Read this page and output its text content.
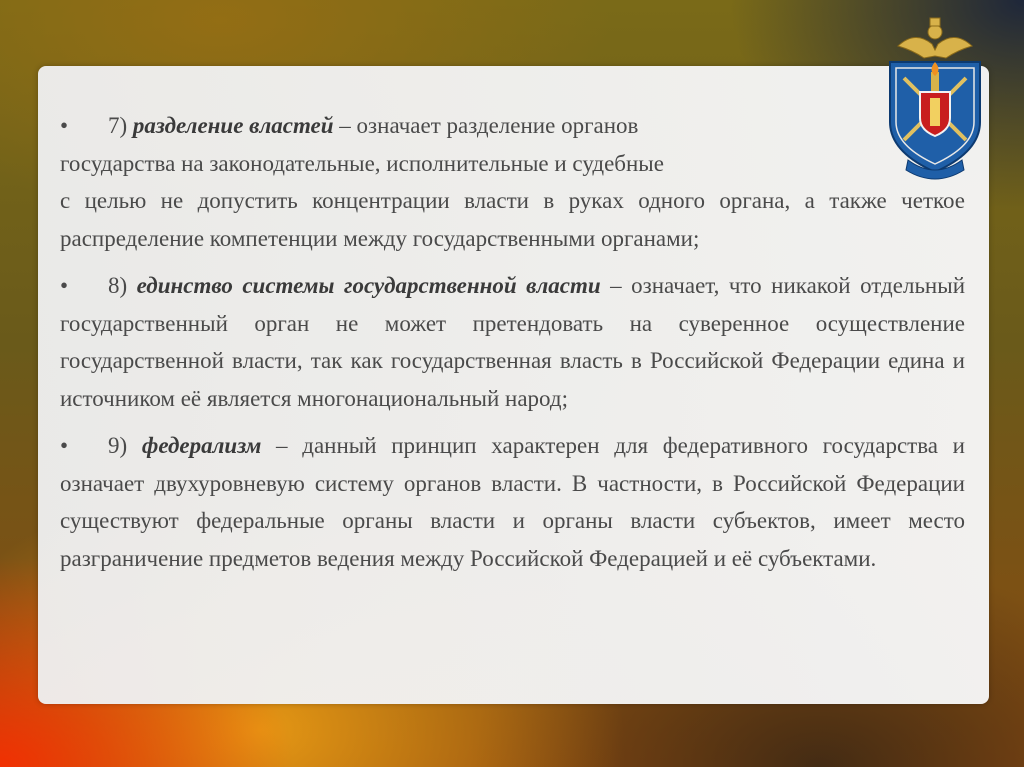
• 7) разделение властей – означает разделение органов
государства на законодательные, исполнительные и судебные

с целью не допустить концентрации власти в руках одного органа, а также четкое распределение компетенции между государственными органами;

• 8) единство системы государственной власти – означает, что никакой отдельный государственный орган не может претендовать на суверенное осуществление государственной власти, так как государственная власть в Российской Федерации едина и источником её является многонациональный народ;

• 9) федерализм – данный принцип характерен для федеративного государства и означает двухуровневую систему органов власти. В частности, в Российской Федерации существуют федеральные органы власти и органы власти субъектов, имеет место разграничение предметов ведения между Российской Федерацией и её субъектами.
